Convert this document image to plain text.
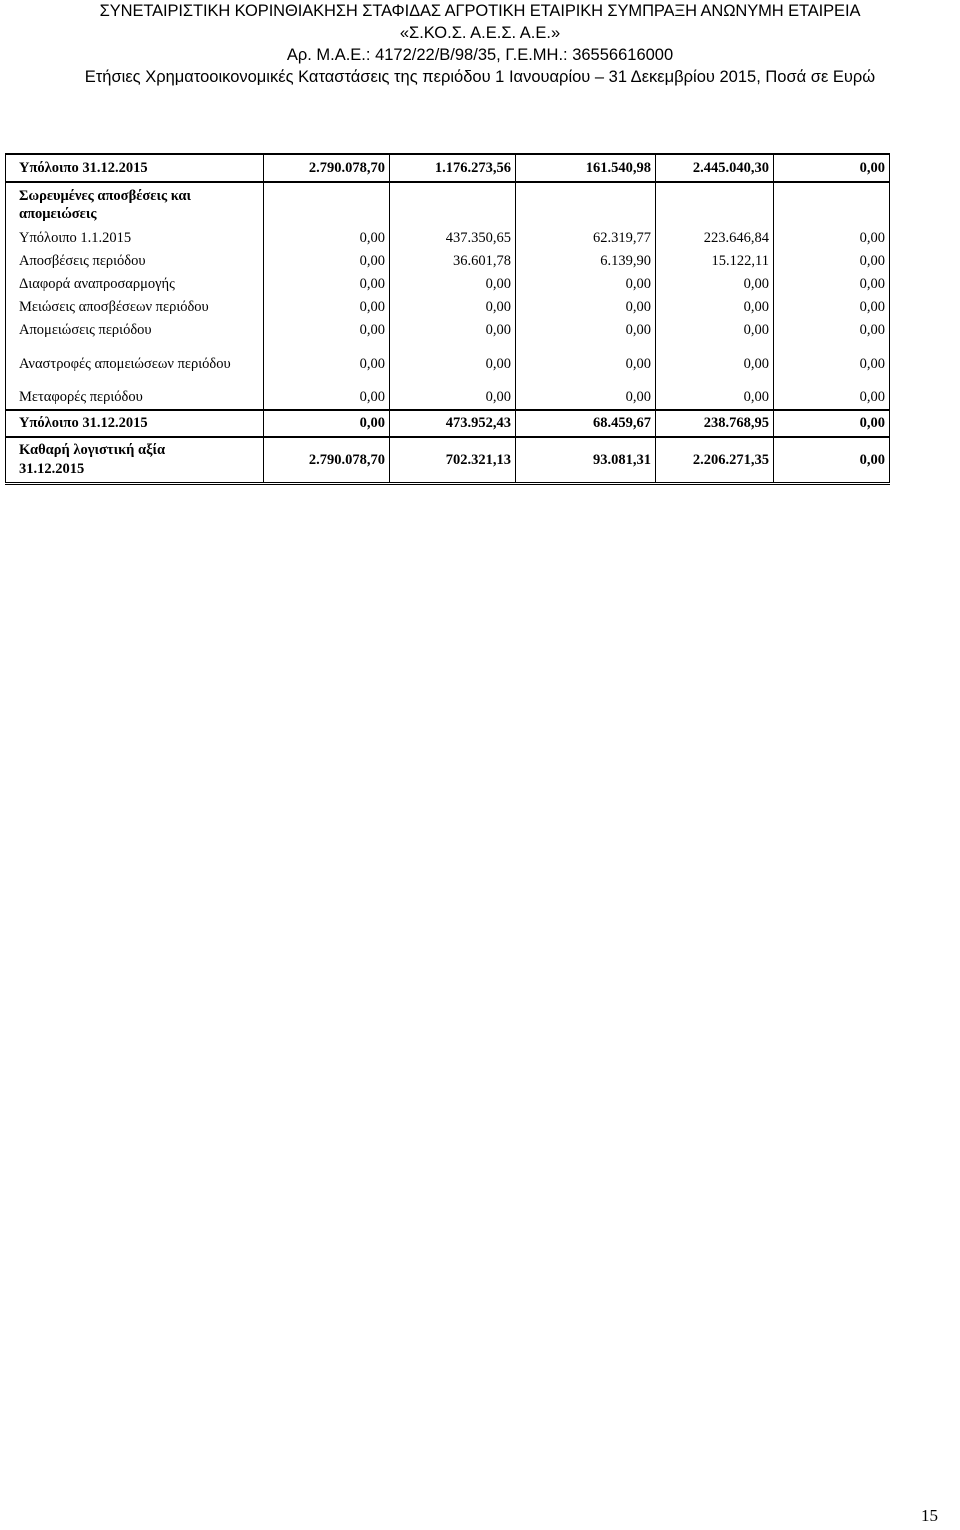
ΣΥΝΕΤΑΙΡΙΣΤΙΚΗ ΚΟΡΙΝΘΙΑΚΗΣΗ ΣΤΑΦΙΔΑΣ ΑΓΡΟΤΙΚΗ ΕΤΑΙΡΙΚΗ ΣΥΜΠΡΑΞΗ ΑΝΩΝΥΜΗ ΕΤΑΙΡΕΙΑ
«Σ.ΚΟ.Σ. Α.Ε.Σ. Α.Ε.»
Αρ. Μ.Α.Ε.: 4172/22/Β/98/35, Γ.Ε.ΜΗ.: 36556616000
Ετήσιες Χρηματοοικονομικές Καταστάσεις της περιόδου 1 Ιανουαρίου – 31 Δεκεμβρίου 2015, Ποσά σε Ευρώ
Υπόλοιπο 31.12.2015	2.790.078,70	1.176.273,56	161.540,98	2.445.040,30	0,00

Σωρευμένες αποσβέσεις και απομειώσεις					

Υπόλοιπο 1.1.2015	0,00	437.350,65	62.319,77	223.646,84	0,00
Αποσβέσεις περιόδου	0,00	36.601,78	6.139,90	15.122,11	0,00
Διαφορά αναπροσαρμογής	0,00	0,00	0,00	0,00	0,00
Μειώσεις αποσβέσεων περιόδου	0,00	0,00	0,00	0,00	0,00
Απομειώσεις περιόδου	0,00	0,00	0,00	0,00	0,00
Αναστροφές απομειώσεων περιόδου	0,00	0,00	0,00	0,00	0,00
Μεταφορές περιόδου	0,00	0,00	0,00	0,00	0,00
Υπόλοιπο 31.12.2015	0,00	473.952,43	68.459,67	238.768,95	0,00
Καθαρή λογιστική αξία 31.12.2015	2.790.078,70	702.321,13	93.081,31	2.206.271,35	0,00
15
